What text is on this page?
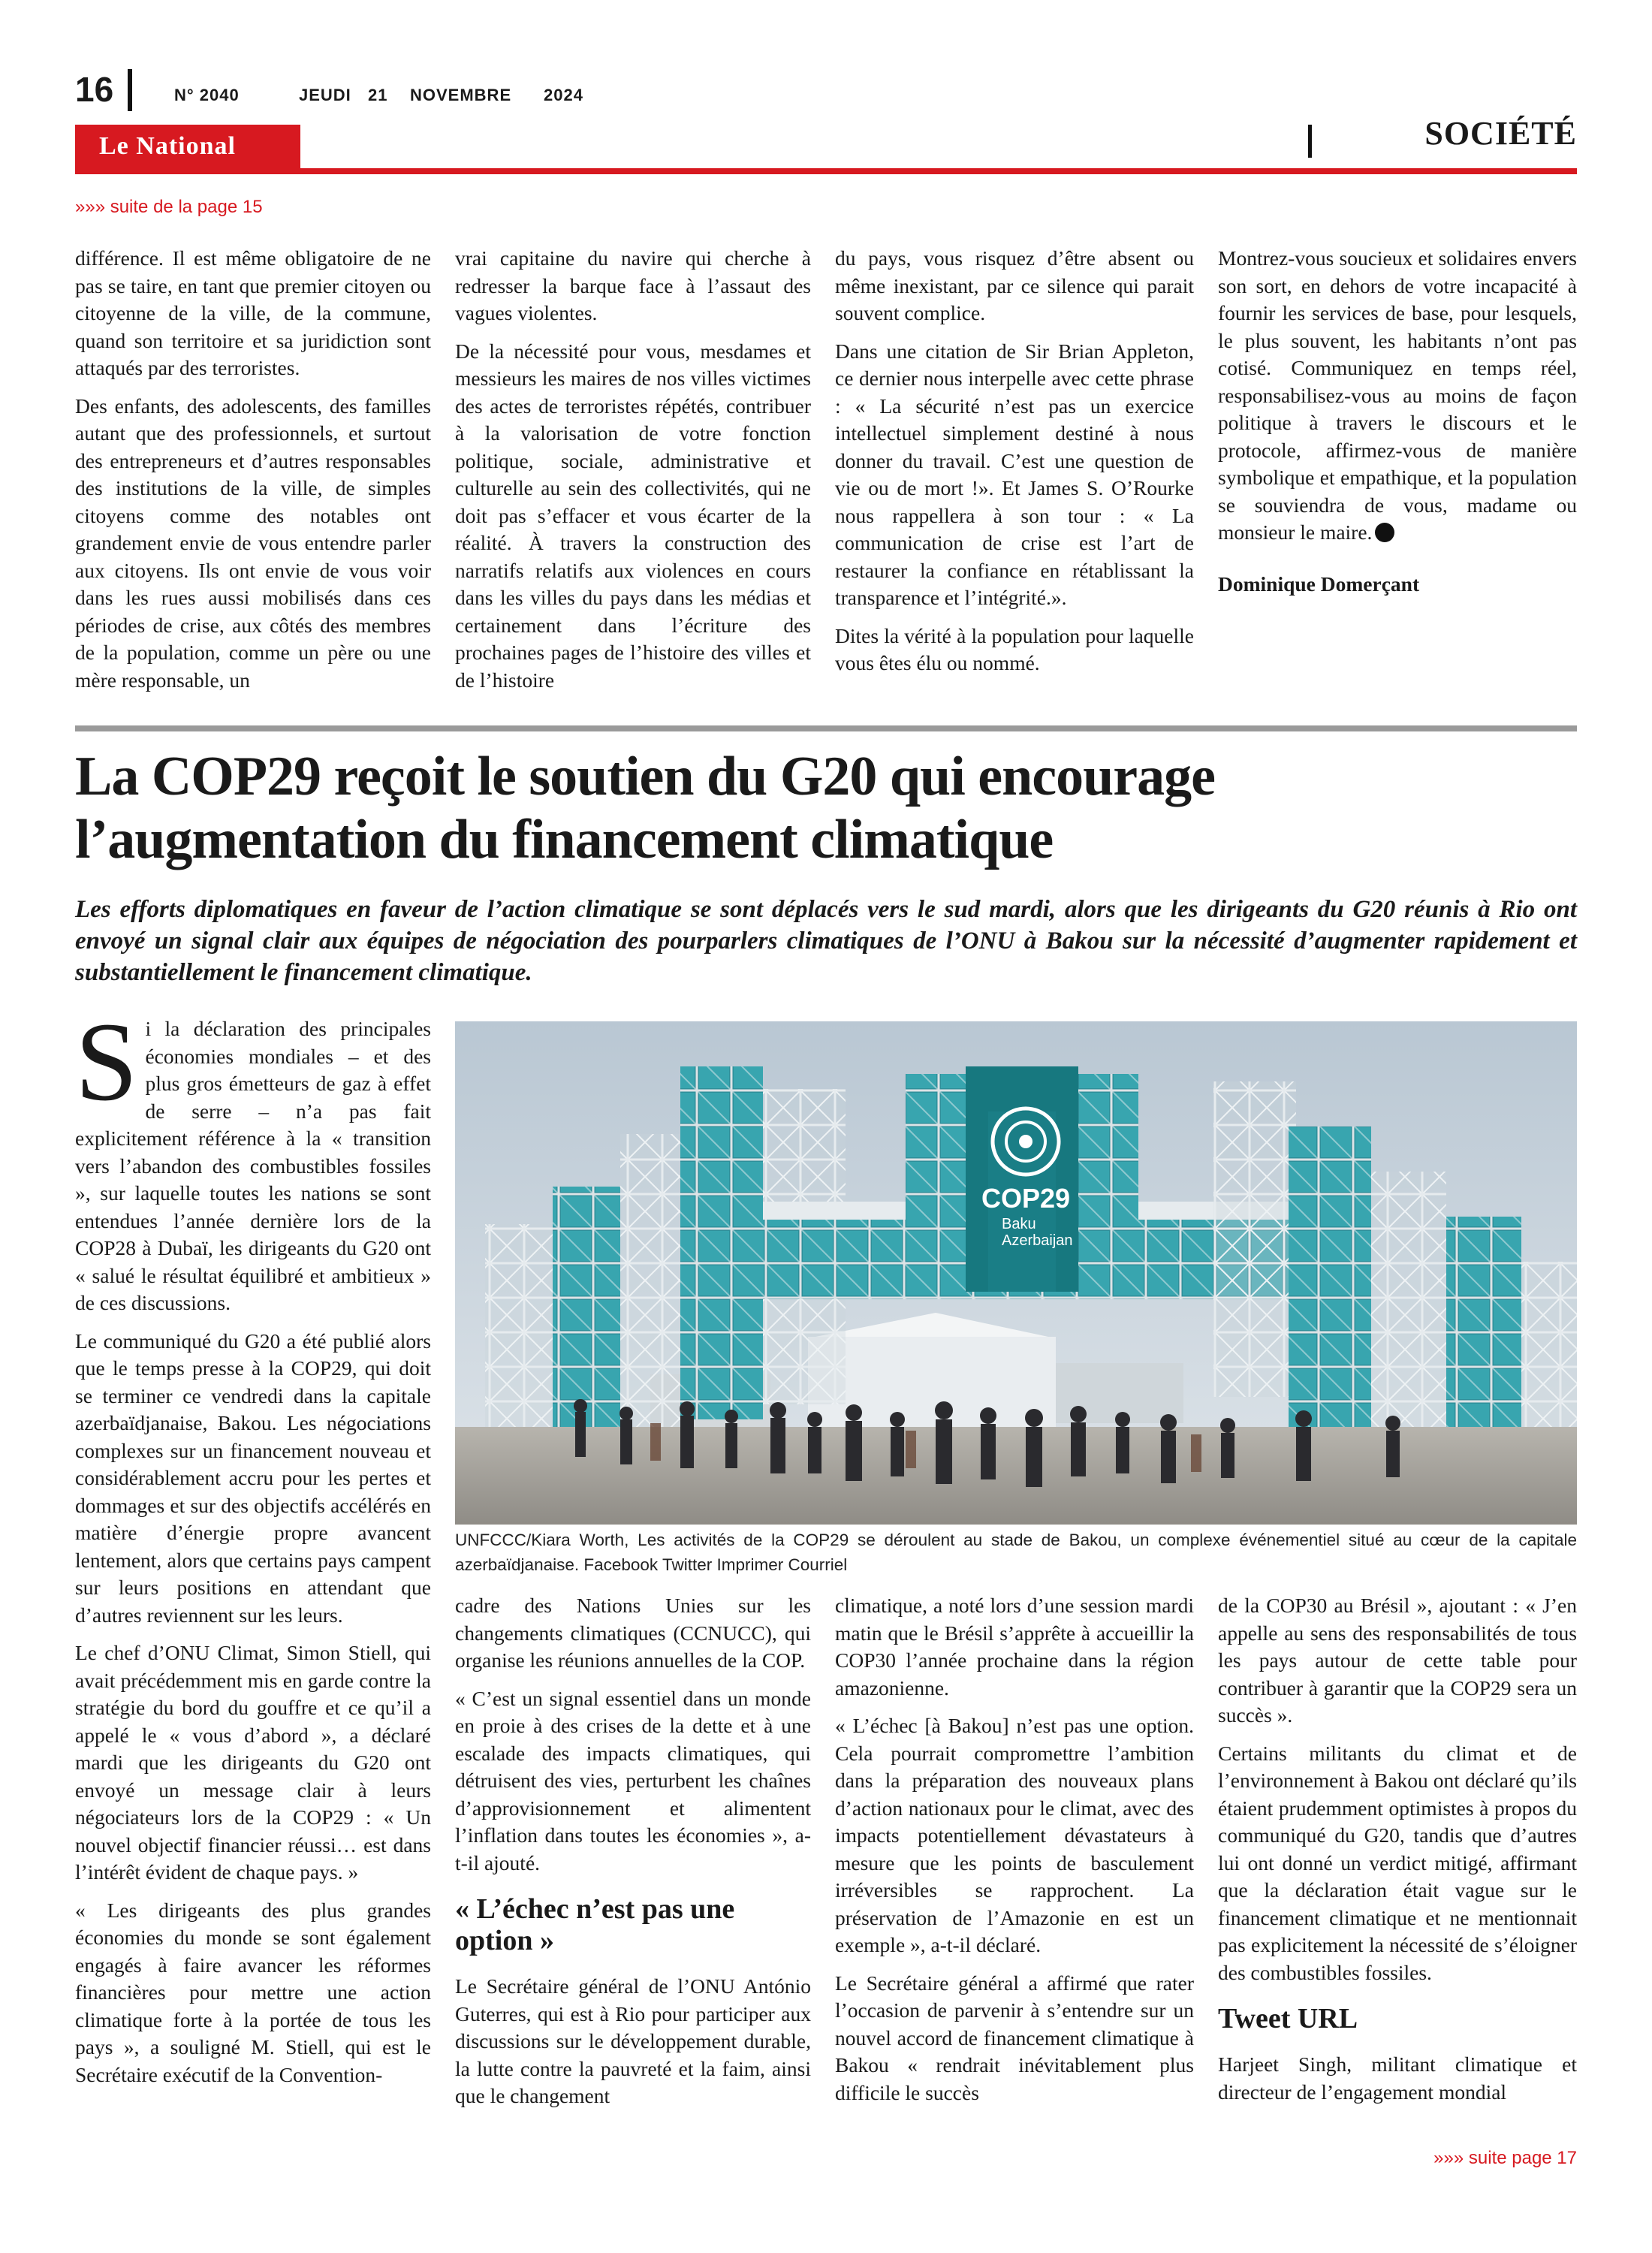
16	N° 2040	JEUDI 21 NOVEMBRE 2024
Le National	SOCIÉTÉ
»»» suite de la page 15

différence. Il est même obligatoire de ne pas se taire, en tant que premier citoyen ou citoyenne de la ville, de la commune, quand son territoire et sa juridiction sont attaqués par des terroristes.

Des enfants, des adolescents, des familles autant que des professionnels, et surtout des entrepreneurs et d’autres responsables des institutions de la ville, de simples citoyens comme des notables ont grandement envie de vous entendre parler aux citoyens. Ils ont envie de vous voir dans les rues aussi mobilisés dans ces périodes de crise, aux côtés des membres de la population, comme un père ou une mère responsable, un

vrai capitaine du navire qui cherche à redresser la barque face à l’assaut des vagues violentes.

De la nécessité pour vous, mesdames et messieurs les maires de nos villes victimes des actes de terroristes répétés, contribuer à la valorisation de votre fonction politique, sociale, administrative et culturelle au sein des collectivités, qui ne doit pas s’effacer et vous écarter de la réalité. À travers la construction des narratifs relatifs aux violences en cours dans les villes du pays dans les médias et certainement dans l’écriture des prochaines pages de l’histoire des villes et de l’histoire

du pays, vous risquez d’être absent ou même inexistant, par ce silence qui parait souvent complice.

Dans une citation de Sir Brian Appleton, ce dernier nous interpelle avec cette phrase : « La sécurité n’est pas un exercice intellectuel simplement destiné à nous donner du travail. C’est une question de vie ou de mort !». Et James S. O’Rourke nous rappellera à son tour : « La communication de crise est l’art de restaurer la confiance en rétablissant la transparence et l’intégrité.».

Dites la vérité à la population pour laquelle vous êtes élu ou nommé.

Montrez-vous soucieux et solidaires envers son sort, en dehors de votre incapacité à fournir les services de base, pour lesquels, le plus souvent, les habitants n’ont pas cotisé. Communiquez en temps réel, responsabilisez-vous au moins de façon politique à travers le discours et le protocole, affirmez-vous de manière symbolique et empathique, et la population se souviendra de vous, madame ou monsieur le maire.

Dominique Domerçant

La COP29 reçoit le soutien du G20 qui encourage l’augmentation du financement climatique
Les efforts diplomatiques en faveur de l’action climatique se sont déplacés vers le sud mardi, alors que les dirigeants du G20 réunis à Rio ont envoyé un signal clair aux équipes de négociation des pourparlers climatiques de l’ONU à Bakou sur la nécessité d’augmenter rapidement et substantiellement le financement climatique.

Si la déclaration des principales économies mondiales – et des plus gros émetteurs de gaz à effet de serre – n’a pas fait explicitement référence à la « transition vers l’abandon des combustibles fossiles », sur laquelle toutes les nations se sont entendues l’année dernière lors de la COP28 à Dubaï, les dirigeants du G20 ont « salué le résultat équilibré et ambitieux » de ces discussions.

Le communiqué du G20 a été publié alors que le temps presse à la COP29, qui doit se terminer ce vendredi dans la capitale azerbaïdjanaise, Bakou. Les négociations complexes sur un financement nouveau et considérablement accru pour les pertes et dommages et sur des objectifs accélérés en matière d’énergie propre avancent lentement, alors que certains pays campent sur leurs positions en attendant que d’autres reviennent sur les leurs.

Le chef d’ONU Climat, Simon Stiell, qui avait précédemment mis en garde contre la stratégie du bord du gouffre et ce qu’il a appelé le « vous d’abord », a déclaré mardi que les dirigeants du G20 ont envoyé un message clair à leurs négociateurs lors de la COP29 : « Un nouvel objectif financier réussi… est dans l’intérêt évident de chaque pays. »

« Les dirigeants des plus grandes économies du monde se sont également engagés à faire avancer les réformes financières pour mettre une action climatique forte à la portée de tous les pays », a souligné M. Stiell, qui est le Secrétaire exécutif de la Convention-

COP29
Baku
Azerbaijan
UNFCCC/Kiara Worth, Les activités de la COP29 se déroulent au stade de Bakou, un complexe événementiel situé au cœur de la capitale azerbaïdjanaise. Facebook Twitter Imprimer Courriel

cadre des Nations Unies sur les changements climatiques (CCNUCC), qui organise les réunions annuelles de la COP.

« C’est un signal essentiel dans un monde en proie à des crises de la dette et à une escalade des impacts climatiques, qui détruisent des vies, perturbent les chaînes d’approvisionnement et alimentent l’inflation dans toutes les économies », a-t-il ajouté.

« L’échec n’est pas une option »

Le Secrétaire général de l’ONU António Guterres, qui est à Rio pour participer aux discussions sur le développement durable, la lutte contre la pauvreté et la faim, ainsi que le changement

climatique, a noté lors d’une session mardi matin que le Brésil s’apprête à accueillir la COP30 l’année prochaine dans la région amazonienne.

« L’échec [à Bakou] n’est pas une option. Cela pourrait compromettre l’ambition dans la préparation des nouveaux plans d’action nationaux pour le climat, avec des impacts potentiellement dévastateurs à mesure que les points de basculement irréversibles se rapprochent. La préservation de l’Amazonie en est un exemple », a-t-il déclaré.

Le Secrétaire général a affirmé que rater l’occasion de parvenir à s’entendre sur un nouvel accord de financement climatique à Bakou « rendrait inévitablement plus difficile le succès

de la COP30 au Brésil », ajoutant : « J’en appelle au sens des responsabilités de tous les pays autour de cette table pour contribuer à garantir que la COP29 sera un succès ».

Certains militants du climat et de l’environnement à Bakou ont déclaré qu’ils étaient prudemment optimistes à propos du communiqué du G20, tandis que d’autres lui ont donné un verdict mitigé, affirmant que la déclaration était vague sur le financement climatique et ne mentionnait pas explicitement la nécessité de s’éloigner des combustibles fossiles.

Tweet URL

Harjeet Singh, militant climatique et directeur de l’engagement mondial

»»» suite page 17
